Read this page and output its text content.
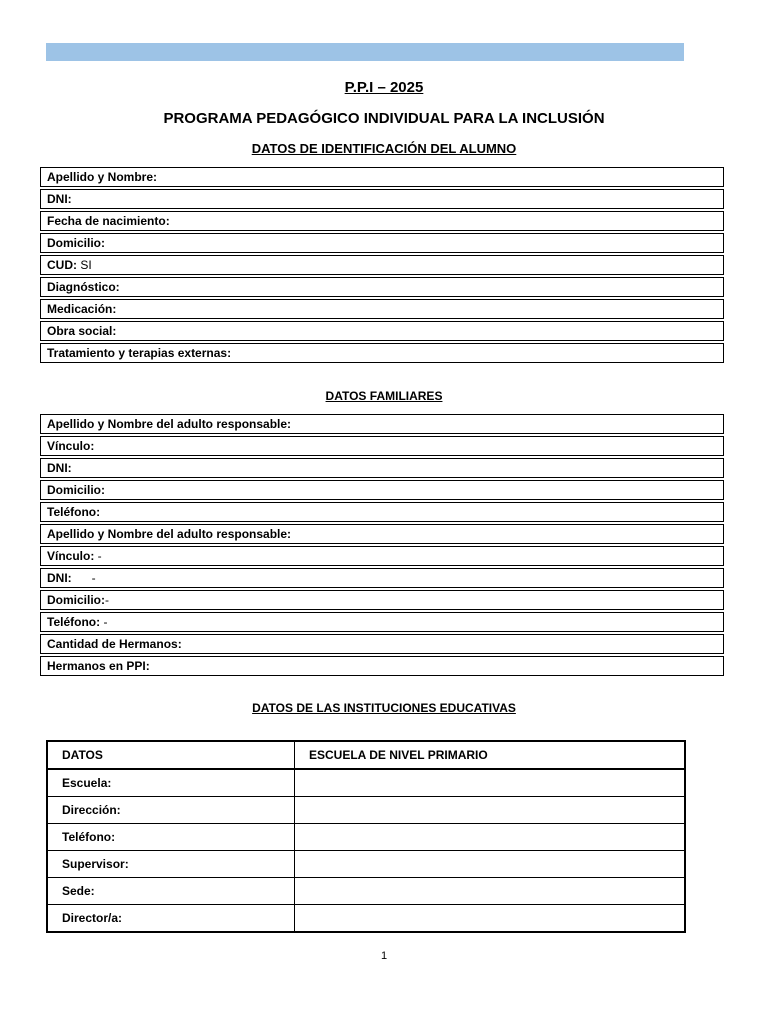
P.P.I – 2025
PROGRAMA PEDAGÓGICO INDIVIDUAL PARA LA INCLUSIÓN
DATOS DE IDENTIFICACIÓN DEL ALUMNO
Apellido y Nombre:
DNI:
Fecha de nacimiento:
Domicilio:
CUD: SI
Diagnóstico:
Medicación:
Obra social:
Tratamiento y terapias externas:
DATOS FAMILIARES
Apellido y Nombre del adulto responsable:
Vínculo:
DNI:
Domicilio:
Teléfono:
Apellido y Nombre del adulto responsable:
Vínculo: -
DNI:      -
Domicilio:-
Teléfono: -
Cantidad de Hermanos:
Hermanos en PPI:
DATOS DE LAS INSTITUCIONES EDUCATIVAS
DATOS	ESCUELA DE NIVEL PRIMARIO
Escuela:	
Dirección:	
Teléfono:	
Supervisor:	
Sede:	
Director/a:	
1
